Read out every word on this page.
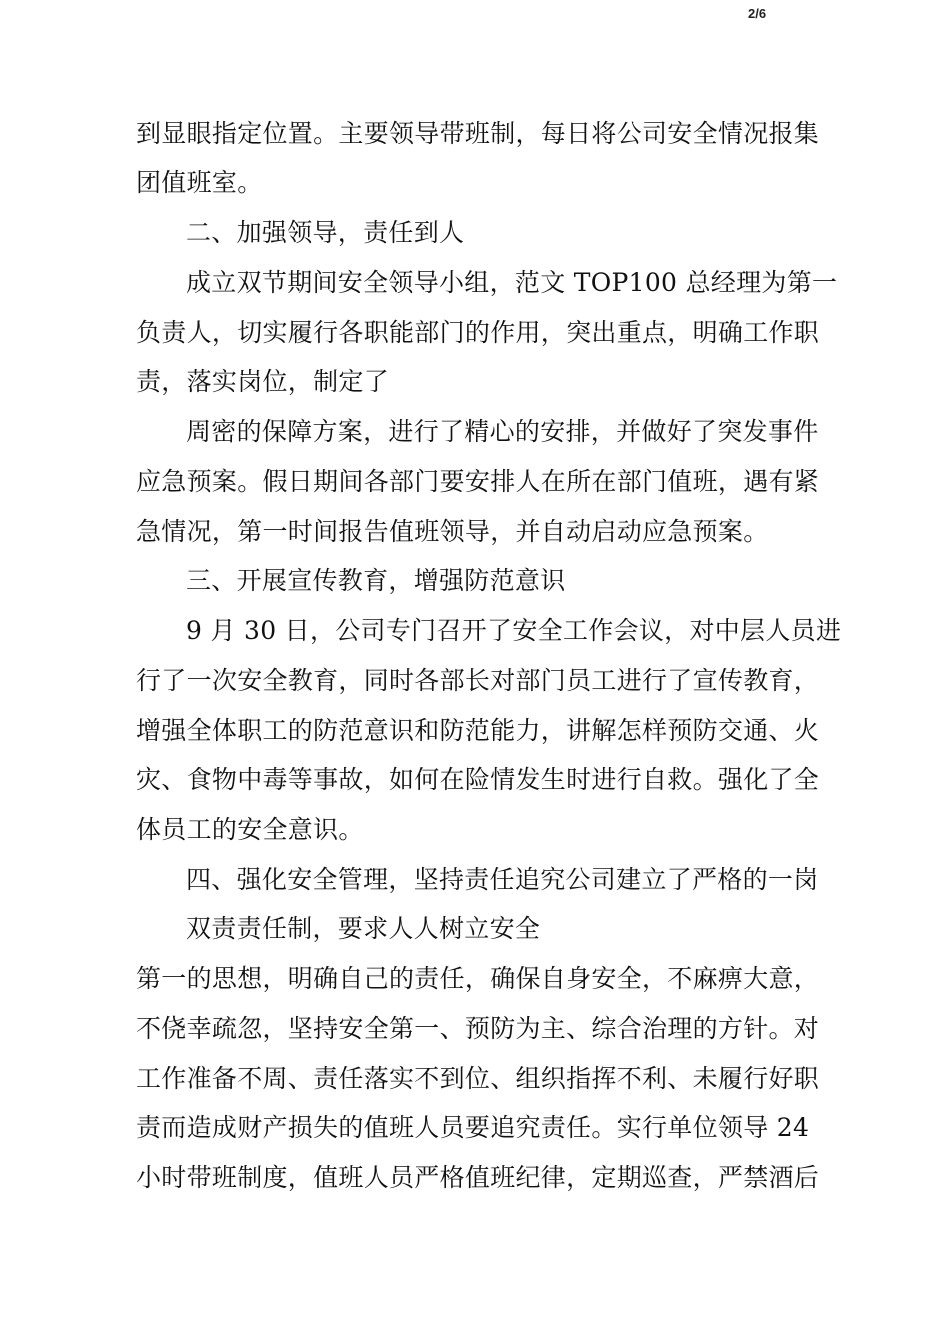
2/6
到显眼指定位置。主要领导带班制，每日将公司安全情况报集
团值班室。
二、加强领导，责任到人
成立双节期间安全领导小组，范文 TOP100 总经理为第一
负责人，切实履行各职能部门的作用，突出重点，明确工作职
责，落实岗位，制定了
周密的保障方案，进行了精心的安排，并做好了突发事件
应急预案。假日期间各部门要安排人在所在部门值班，遇有紧
急情况，第一时间报告值班领导，并自动启动应急预案。
三、开展宣传教育，增强防范意识
9 月 30 日，公司专门召开了安全工作会议，对中层人员进
行了一次安全教育，同时各部长对部门员工进行了宣传教育，
增强全体职工的防范意识和防范能力，讲解怎样预防交通、火
灾、食物中毒等事故，如何在险情发生时进行自救。强化了全
体员工的安全意识。
四、强化安全管理，坚持责任追究公司建立了严格的一岗
双责责任制，要求人人树立安全
第一的思想，明确自己的责任，确保自身安全，不麻痹大意，
不侥幸疏忽，坚持安全第一、预防为主、综合治理的方针。对
工作准备不周、责任落实不到位、组织指挥不利、未履行好职
责而造成财产损失的值班人员要追究责任。实行单位领导 24
小时带班制度，值班人员严格值班纪律，定期巡查，严禁酒后
